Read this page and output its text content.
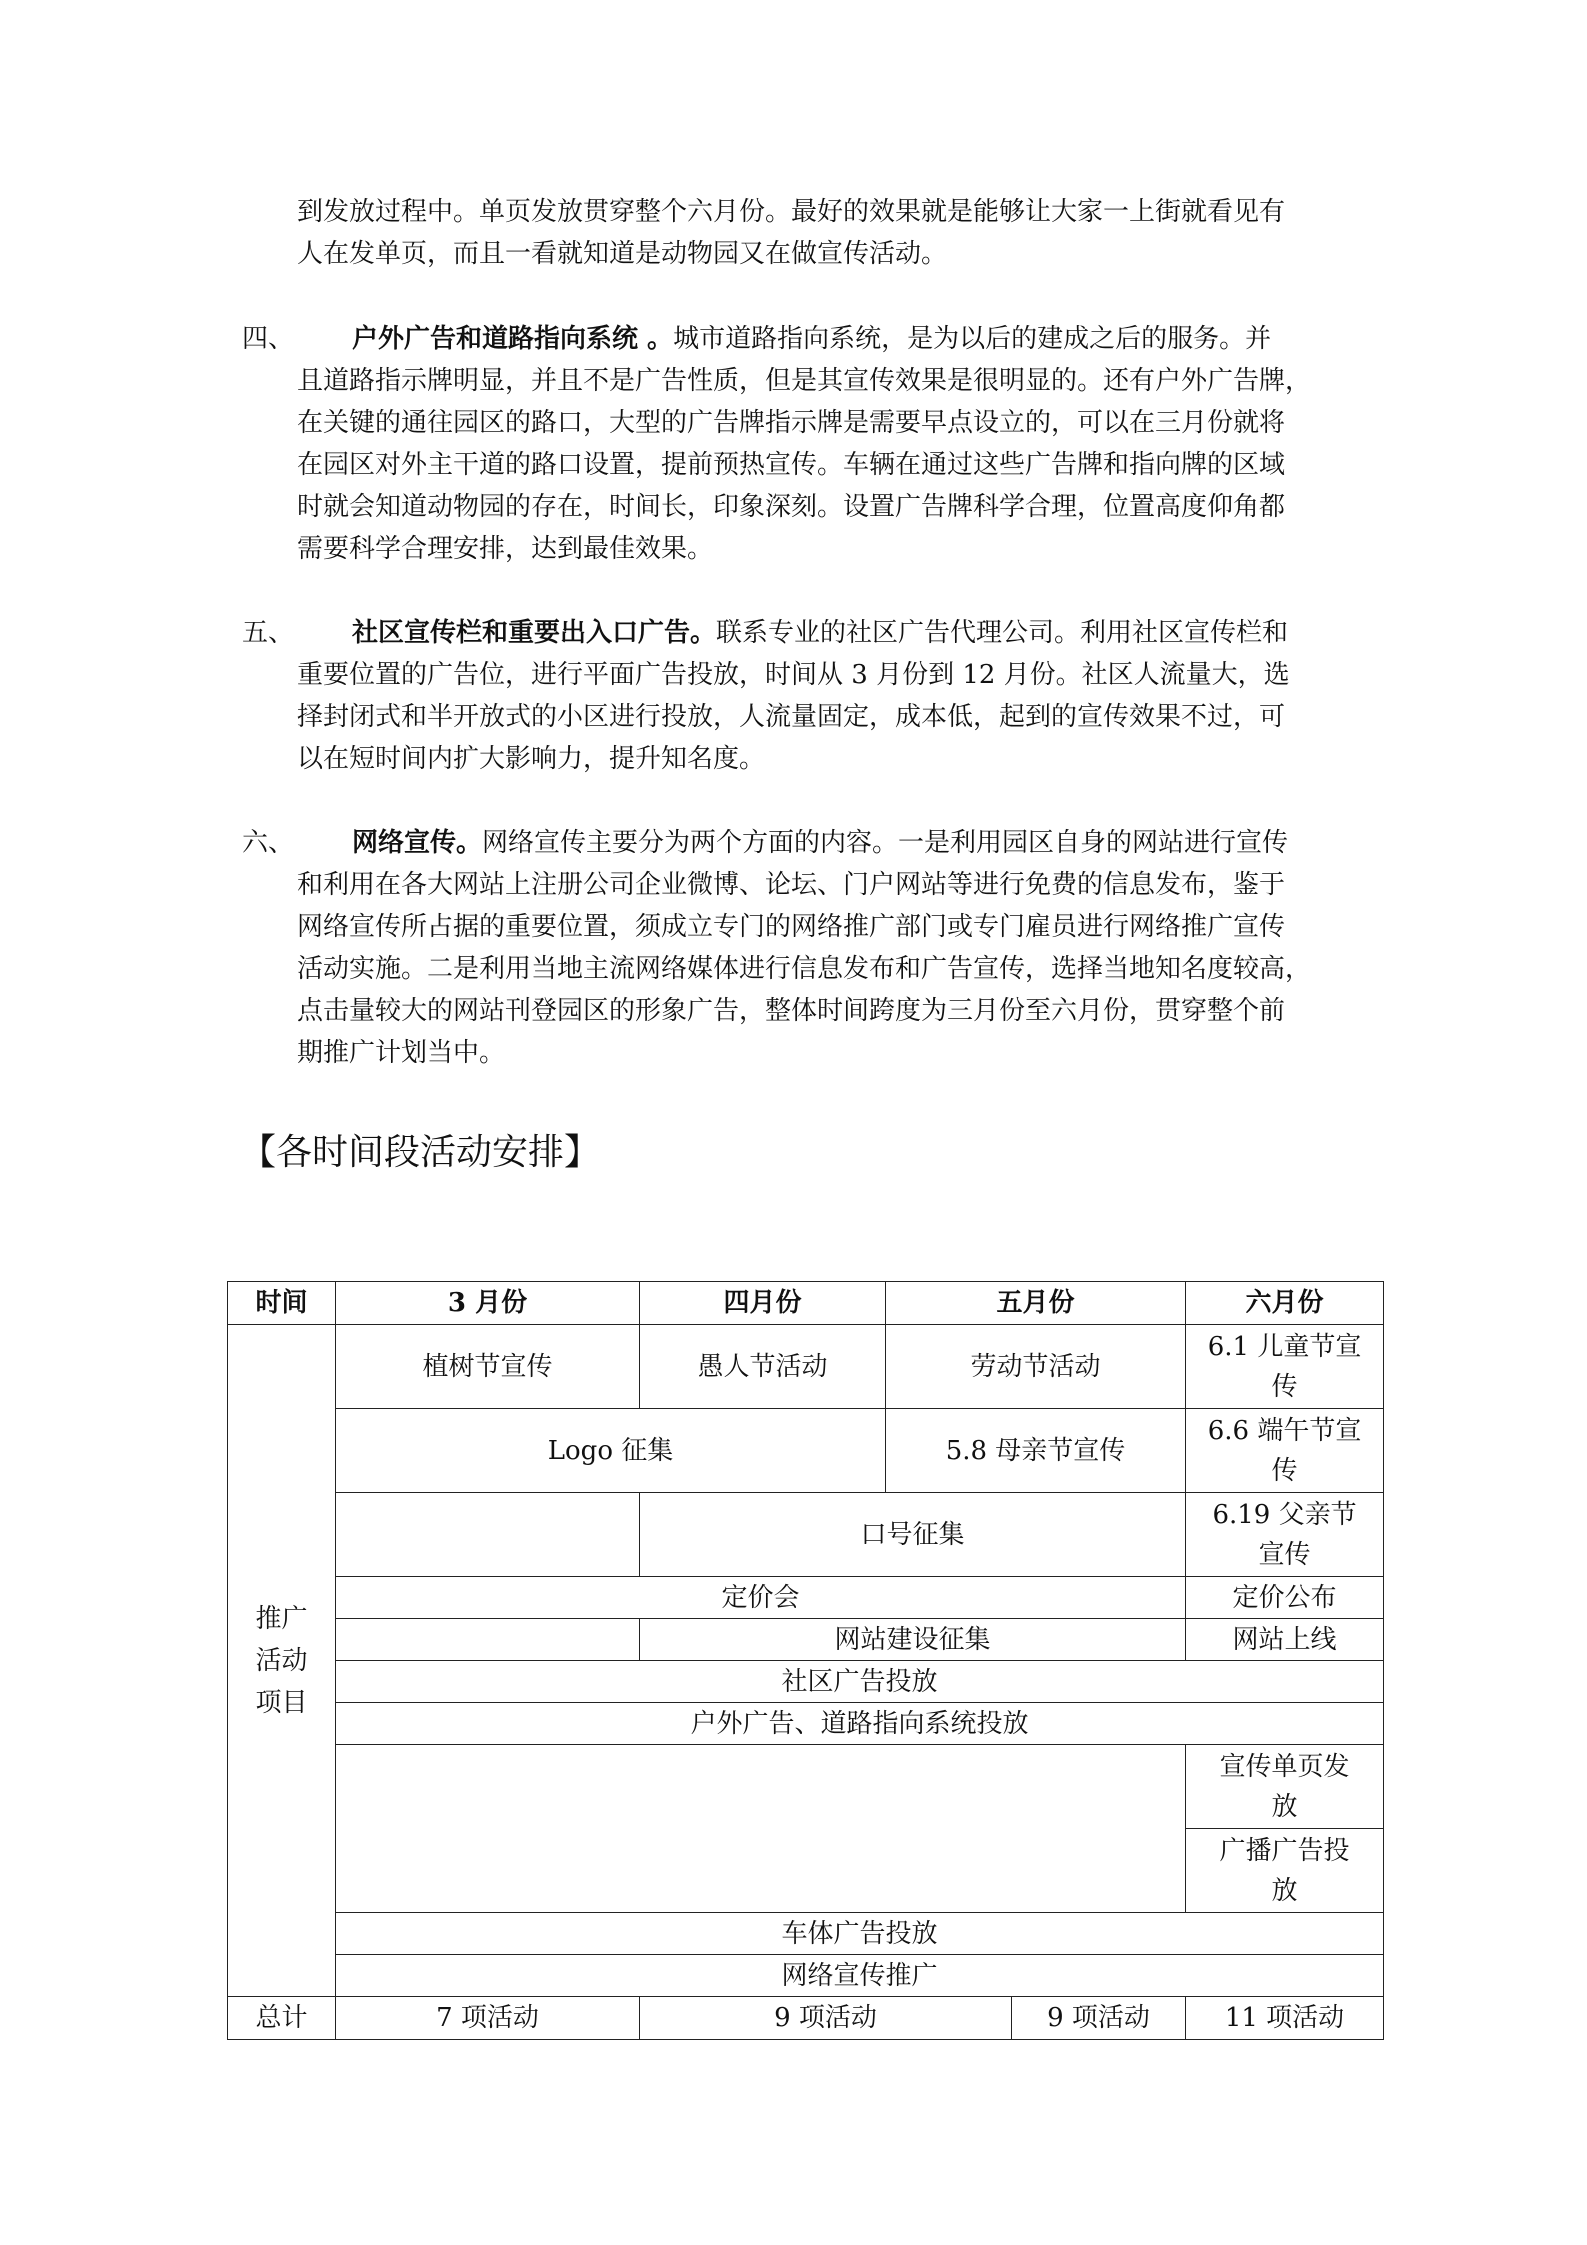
到发放过程中。单页发放贯穿整个六月份。最好的效果就是能够让大家一上街就看见有
人在发单页，而且一看就知道是动物园又在做宣传活动。
四、	户外广告和道路指向系统 。城市道路指向系统，是为以后的建成之后的服务。并
且道路指示牌明显，并且不是广告性质，但是其宣传效果是很明显的。还有户外广告牌，
在关键的通往园区的路口，大型的广告牌指示牌是需要早点设立的，可以在三月份就将
在园区对外主干道的路口设置，提前预热宣传。车辆在通过这些广告牌和指向牌的区域
时就会知道动物园的存在，时间长，印象深刻。设置广告牌科学合理，位置高度仰角都
需要科学合理安排，达到最佳效果。
五、	社区宣传栏和重要出入口广告。联系专业的社区广告代理公司。利用社区宣传栏和
重要位置的广告位，进行平面广告投放，时间从 3 月份到 12 月份。社区人流量大，选
择封闭式和半开放式的小区进行投放，人流量固定，成本低，起到的宣传效果不过，可
以在短时间内扩大影响力，提升知名度。
六、	网络宣传。网络宣传主要分为两个方面的内容。一是利用园区自身的网站进行宣传
和利用在各大网站上注册公司企业微博、论坛、门户网站等进行免费的信息发布，鉴于
网络宣传所占据的重要位置，须成立专门的网络推广部门或专门雇员进行网络推广宣传
活动实施。二是利用当地主流网络媒体进行信息发布和广告宣传，选择当地知名度较高，
点击量较大的网站刊登园区的形象广告，整体时间跨度为三月份至六月份，贯穿整个前
期推广计划当中。
【各时间段活动安排】
时间	3 月份	四月份	五月份		六月份
推广
活动
项目	植树节宣传	愚人节活动	劳动节活动		6.1 儿童节宣
传
	Logo 征集		5.8 母亲节宣传		6.6 端午节宣
传
		口号征集			6.19 父亲节
宣传
	定价会				定价公布
		网站建设征集			网站上线
	社区广告投放				
	户外广告、道路指向系统投放				
					宣传单页发
放
					广播广告投
放
	车体广告投放				
	网络宣传推广				

总计	7 项活动	9 项活动		9 项活动	11 项活动
